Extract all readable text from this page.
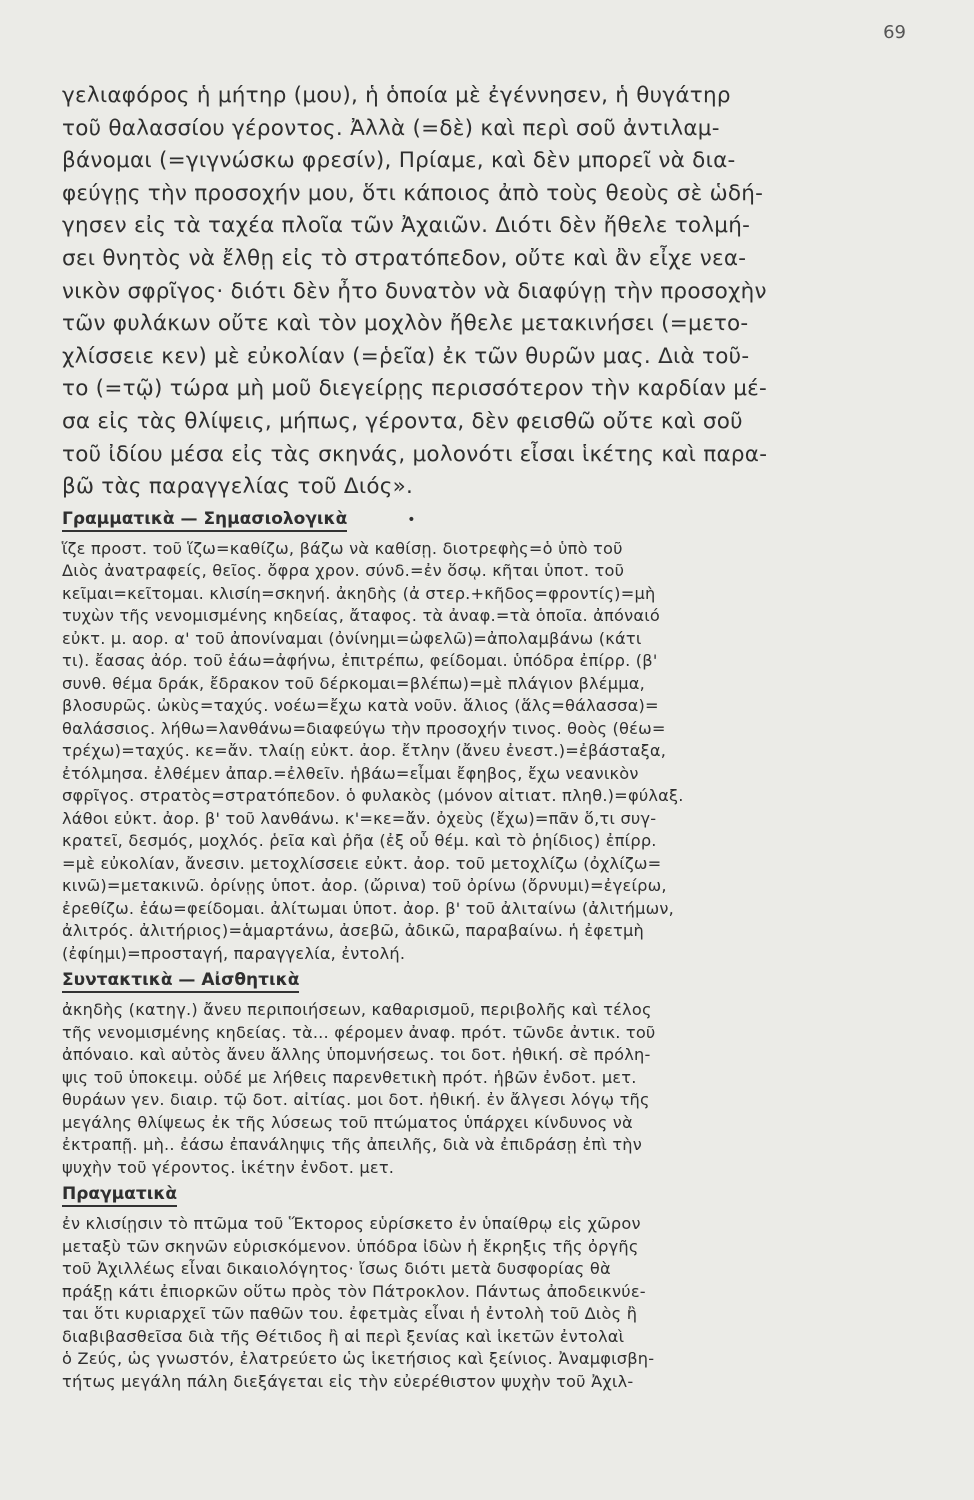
69
γελιαφόρος ἡ μήτηρ (μου), ἡ ὁποία μὲ ἐγέννησεν, ἡ θυγάτηρ
τοῦ θαλασσίου γέροντος. Ἀλλὰ (=δὲ) καὶ περὶ σοῦ ἀντιλαμ-
βάνομαι (=γιγνώσκω φρεσίν), Πρίαμε, καὶ δὲν μπορεῖ νὰ δια-
φεύγῃς τὴν προσοχήν μου, ὅτι κάποιος ἀπὸ τοὺς θεοὺς σὲ ὡδή-
γησεν εἰς τὰ ταχέα πλοῖα τῶν Ἀχαιῶν. Διότι δὲν ἤθελε τολμή-
σει θνητὸς νὰ ἔλθῃ εἰς τὸ στρατόπεδον, οὔτε καὶ ἂν εἶχε νεα-
νικὸν σφρῖγος· διότι δὲν ἦτο δυνατὸν νὰ διαφύγῃ τὴν προσοχὴν
τῶν φυλάκων οὔτε καὶ τὸν μοχλὸν ἤθελε μετακινήσει (=μετο-
χλίσσειε κεν) μὲ εὐκολίαν (=ῥεῖα) ἐκ τῶν θυρῶν μας. Διὰ τοῦ-
το (=τῷ) τώρα μὴ μοῦ διεγείρῃς περισσότερον τὴν καρδίαν μέ-
σα εἰς τὰς θλίψεις, μήπως, γέροντα, δὲν φεισθῶ οὔτε καὶ σοῦ
τοῦ ἰδίου μέσα εἰς τὰς σκηνάς, μολονότι εἶσαι ἱκέτης καὶ παρα-
βῶ τὰς παραγγελίας τοῦ Διός».
Γραμματικὰ — Σημασιολογικὰ	•
ἵζε προστ. τοῦ ἵζω=καθίζω, βάζω νὰ καθίσῃ. διοτρεφὴς=ὁ ὑπὸ τοῦ
Διὸς ἀνατραφείς, θεῖος. ὄφρα χρον. σύνδ.=ἐν ὅσῳ. κῆται ὑποτ. τοῦ
κεῖμαι=κεῖτομαι. κλισίη=σκηνή. ἀκηδὴς (ἀ στερ.+κῆδος=φροντίς)=μὴ
τυχὼν τῆς νενομισμένης κηδείας, ἄταφος. τὰ ἀναφ.=τὰ ὁποῖα. ἀπόναιό
εὐκτ. μ. αορ. α' τοῦ ἀπονίναμαι (ὀνίνημι=ὠφελῶ)=ἀπολαμβάνω (κάτι
τι). ἔασας ἀόρ. τοῦ ἐάω=ἀφήνω, ἐπιτρέπω, φείδομαι. ὑπόδρα ἐπίρρ. (β'
συνθ. θέμα δράκ, ἔδρακον τοῦ δέρκομαι=βλέπω)=μὲ πλάγιον βλέμμα,
βλοσυρῶς. ὠκὺς=ταχύς. νοέω=ἔχω κατὰ νοῦν. ἅλιος (ἅλς=θάλασσα)=
θαλάσσιος. λήθω=λανθάνω=διαφεύγω τὴν προσοχήν τινος. θοὸς (θέω=
τρέχω)=ταχύς. κε=ἄν. τλαίῃ εὐκτ. ἀορ. ἔτλην (ἄνευ ἐνεστ.)=ἐβάσταξα,
ἐτόλμησα. ἐλθέμεν ἀπαρ.=ἐλθεῖν. ἡβάω=εἶμαι ἔφηβος, ἔχω νεανικὸν
σφρῖγος. στρατὸς=στρατόπεδον. ὁ φυλακὸς (μόνον αἰτιατ. πληθ.)=φύλαξ.
λάθοι εὐκτ. ἀορ. β' τοῦ λανθάνω. κ'=κε=ἄν. ὀχεὺς (ἔχω)=πᾶν ὅ,τι συγ-
κρατεῖ, δεσμός, μοχλός. ῥεῖα καὶ ῥῆα (ἐξ οὗ θέμ. καὶ τὸ ῥηίδιος) ἐπίρρ.
=μὲ εὐκολίαν, ἄνεσιν. μετοχλίσσειε εὐκτ. ἀορ. τοῦ μετοχλίζω (ὀχλίζω=
κινῶ)=μετακινῶ. ὀρίνῃς ὑποτ. ἀορ. (ὤρινα) τοῦ ὀρίνω (ὄρνυμι)=ἐγείρω,
ἐρεθίζω. ἐάω=φείδομαι. ἀλίτωμαι ὑποτ. ἀορ. β' τοῦ ἀλιταίνω (ἀλιτήμων,
ἀλιτρός. ἀλιτήριος)=ἁμαρτάνω, ἀσεβῶ, ἀδικῶ, παραβαίνω. ἡ ἐφετμὴ
(ἐφίημι)=προσταγή, παραγγελία, ἐντολή.
Συντακτικὰ — Αἰσθητικὰ
ἀκηδὴς (κατηγ.) ἄνευ περιποιήσεων, καθαρισμοῦ, περιβολῆς καὶ τέλος
τῆς νενομισμένης κηδείας. τὰ... φέρομεν ἀναφ. πρότ. τῶνδε ἀντικ. τοῦ
ἀπόναιο. καὶ αὐτὸς ἄνευ ἄλλης ὑπομνήσεως. τοι δοτ. ἠθική. σὲ πρόλη-
ψις τοῦ ὑποκειμ. οὐδέ με λήθεις παρενθετικὴ πρότ. ἡβῶν ἐνδοτ. μετ.
θυράων γεν. διαιρ. τῷ δοτ. αἰτίας. μοι δοτ. ἠθική. ἐν ἄλγεσι λόγῳ τῆς
μεγάλης θλίψεως ἐκ τῆς λύσεως τοῦ πτώματος ὑπάρχει κίνδυνος νὰ
ἐκτραπῇ. μὴ.. ἐάσω ἐπανάληψις τῆς ἀπειλῆς, διὰ νὰ ἐπιδράσῃ ἐπὶ τὴν
ψυχὴν τοῦ γέροντος. ἱκέτην ἐνδοτ. μετ.
Πραγματικὰ
ἐν κλισίῃσιν τὸ πτῶμα τοῦ Ἕκτορος εὑρίσκετο ἐν ὑπαίθρῳ εἰς χῶρον
μεταξὺ τῶν σκηνῶν εὑρισκόμενον. ὑπόδρα ἰδὼν ἡ ἔκρηξις τῆς ὀργῆς
τοῦ Ἀχιλλέως εἶναι δικαιολόγητος· ἴσως διότι μετὰ δυσφορίας θὰ
πράξῃ κάτι ἐπιορκῶν οὕτω πρὸς τὸν Πάτροκλον. Πάντως ἀποδεικνύε-
ται ὅτι κυριαρχεῖ τῶν παθῶν του. ἐφετμὰς εἶναι ἡ ἐντολὴ τοῦ Διὸς ἢ
διαβιβασθεῖσα διὰ τῆς Θέτιδος ἢ αἱ περὶ ξενίας καὶ ἱκετῶν ἐντολαὶ
ὁ Ζεύς, ὡς γνωστόν, ἐλατρεύετο ὡς ἱκετήσιος καὶ ξείνιος. Ἀναμφισβη-
τήτως μεγάλη πάλη διεξάγεται εἰς τὴν εὐερέθιστον ψυχὴν τοῦ Ἀχιλ-
